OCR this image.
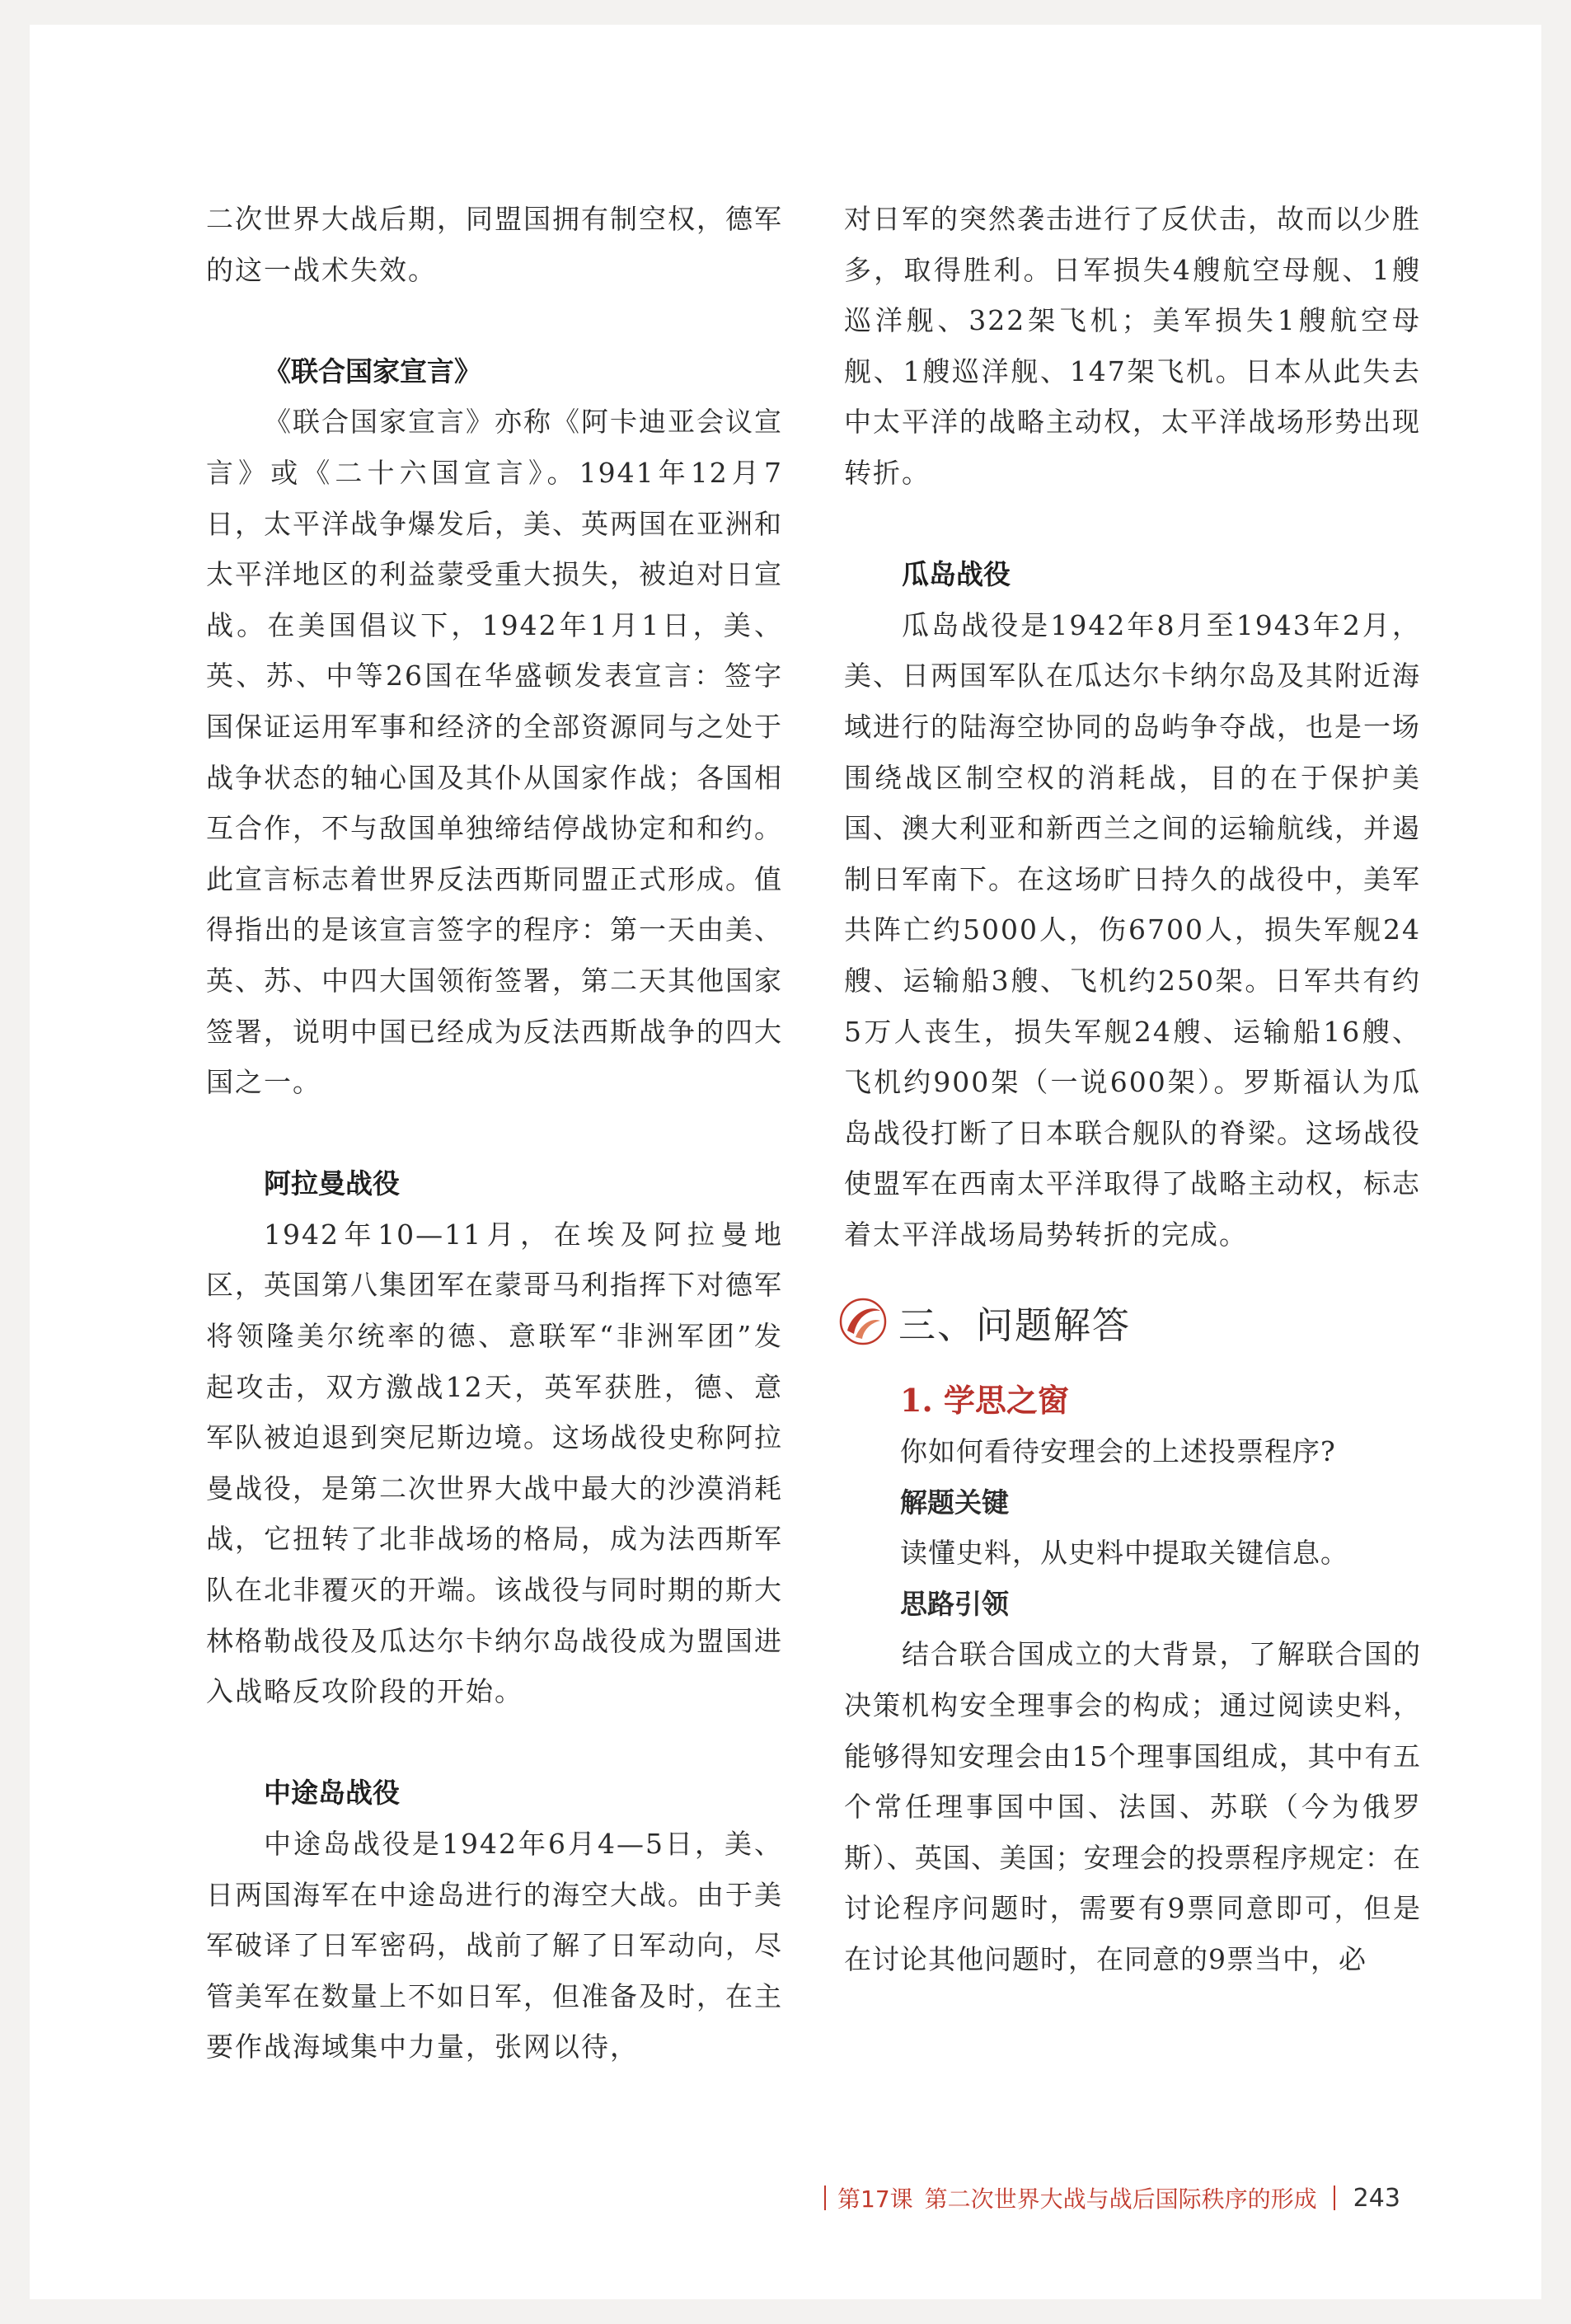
二次世界大战后期，同盟国拥有制空权，德军的这一战术失效。

《联合国家宣言》

《联合国家宣言》亦称《阿卡迪亚会议宣言》或《二十六国宣言》。1941年12月7日，太平洋战争爆发后，美、英两国在亚洲和太平洋地区的利益蒙受重大损失，被迫对日宣战。在美国倡议下，1942年1月1日，美、英、苏、中等26国在华盛顿发表宣言：签字国保证运用军事和经济的全部资源同与之处于战争状态的轴心国及其仆从国家作战；各国相互合作，不与敌国单独缔结停战协定和和约。此宣言标志着世界反法西斯同盟正式形成。值得指出的是该宣言签字的程序：第一天由美、英、苏、中四大国领衔签署，第二天其他国家签署，说明中国已经成为反法西斯战争的四大国之一。

阿拉曼战役

1942年10—11月，在埃及阿拉曼地区，英国第八集团军在蒙哥马利指挥下对德军将领隆美尔统率的德、意联军“非洲军团”发起攻击，双方激战12天，英军获胜，德、意军队被迫退到突尼斯边境。这场战役史称阿拉曼战役，是第二次世界大战中最大的沙漠消耗战，它扭转了北非战场的格局，成为法西斯军队在北非覆灭的开端。该战役与同时期的斯大林格勒战役及瓜达尔卡纳尔岛战役成为盟国进入战略反攻阶段的开始。

中途岛战役

中途岛战役是1942年6月4—5日，美、日两国海军在中途岛进行的海空大战。由于美军破译了日军密码，战前了解了日军动向，尽管美军在数量上不如日军，但准备及时，在主要作战海域集中力量，张网以待，

对日军的突然袭击进行了反伏击，故而以少胜多，取得胜利。日军损失4艘航空母舰、1艘巡洋舰、322架飞机；美军损失1艘航空母舰、1艘巡洋舰、147架飞机。日本从此失去中太平洋的战略主动权，太平洋战场形势出现转折。

瓜岛战役

瓜岛战役是1942年8月至1943年2月，美、日两国军队在瓜达尔卡纳尔岛及其附近海域进行的陆海空协同的岛屿争夺战，也是一场围绕战区制空权的消耗战，目的在于保护美国、澳大利亚和新西兰之间的运输航线，并遏制日军南下。在这场旷日持久的战役中，美军共阵亡约5000人，伤6700人，损失军舰24艘、运输船3艘、飞机约250架。日军共有约5万人丧生，损失军舰24艘、运输船16艘、飞机约900架（一说600架）。罗斯福认为瓜岛战役打断了日本联合舰队的脊梁。这场战役使盟军在西南太平洋取得了战略主动权，标志着太平洋战场局势转折的完成。

三、问题解答

1. 学思之窗

你如何看待安理会的上述投票程序?

解题关键

读懂史料，从史料中提取关键信息。

思路引领

结合联合国成立的大背景，了解联合国的决策机构安全理事会的构成；通过阅读史料，能够得知安理会由15个理事国组成，其中有五个常任理事国中国、法国、苏联（今为俄罗斯）、英国、美国；安理会的投票程序规定：在讨论程序问题时，需要有9票同意即可，但是在讨论其他问题时，在同意的9票当中，必

第17课 第二次世界大战与战后国际秩序的形成 243
